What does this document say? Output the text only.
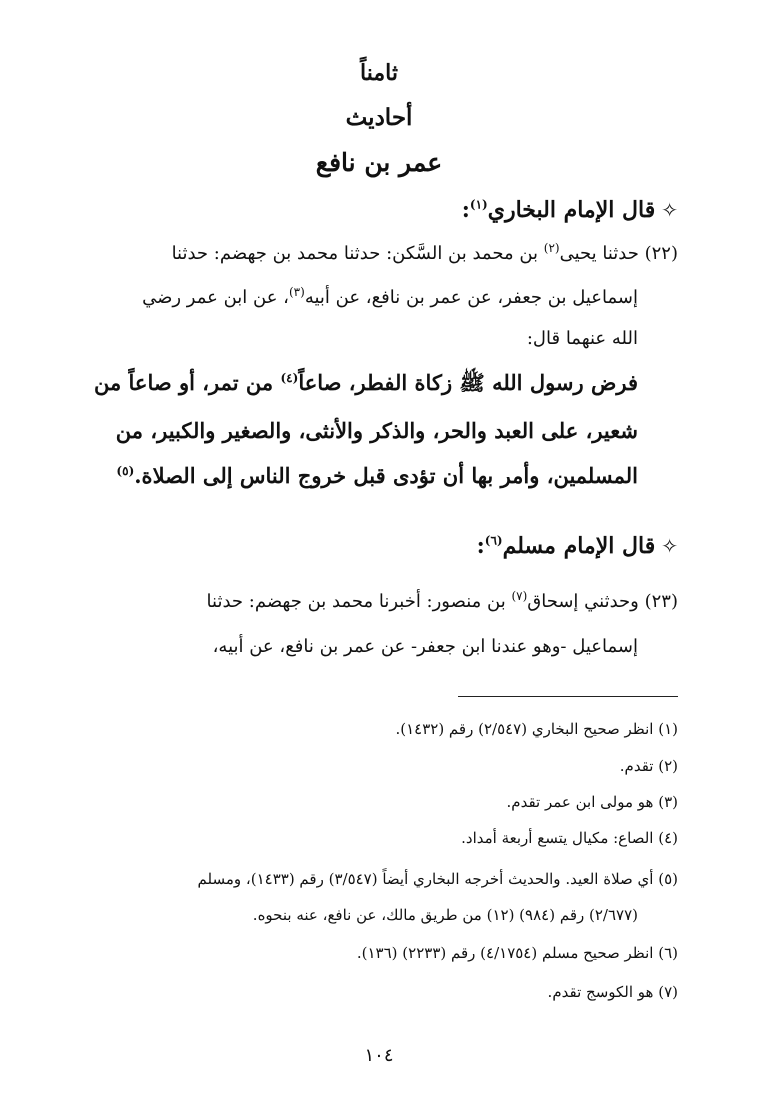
ثامناً
أحاديث
عمر بن نافع
✧قال الإمام البخاري$^{(١)}$:
(٢٢) حدثنا يحيى$^{(٢)}$ بن محمد بن السَّكن: حدثنا محمد بن جهضم: حدثنا
إسماعيل بن جعفر، عن عمر بن نافع، عن أبيه$^{(٣)}$، عن ابن عمر رضي
الله عنهما قال:
فرض رسول الله ﷺ زكاة الفطر، صاعاً$^{(٤)}$ من تمر، أو صاعاً من
شعير، على العبد والحر، والذكر والأنثى، والصغير والكبير، من
المسلمين، وأمر بها أن تؤدى قبل خروج الناس إلى الصلاة.$^{(٥)}$
✧قال الإمام مسلم$^{(٦)}$:
(٢٣) وحدثني إسحاق$^{(٧)}$ بن منصور: أخبرنا محمد بن جهضم: حدثنا
إسماعيل -وهو عندنا ابن جعفر- عن عمر بن نافع، عن أبيه،
(١) انظر صحيح البخاري (٢/٥٤٧) رقم (١٤٣٢).
(٢) تقدم.
(٣) هو مولى ابن عمر تقدم.
(٤) الصاع: مكيال يتسع أربعة أمداد.
(٥) أي صلاة العيد. والحديث أخرجه البخاري أيضاً (٣/٥٤٧) رقم (١٤٣٣)، ومسلم
(٢/٦٧٧) رقم (٩٨٤) (١٢) من طريق مالك، عن نافع، عنه بنحوه.
(٦) انظر صحيح مسلم (٤/١٧٥٤) رقم (٢٢٣٣) (١٣٦).
(٧) هو الكوسج تقدم.
١٠٤
